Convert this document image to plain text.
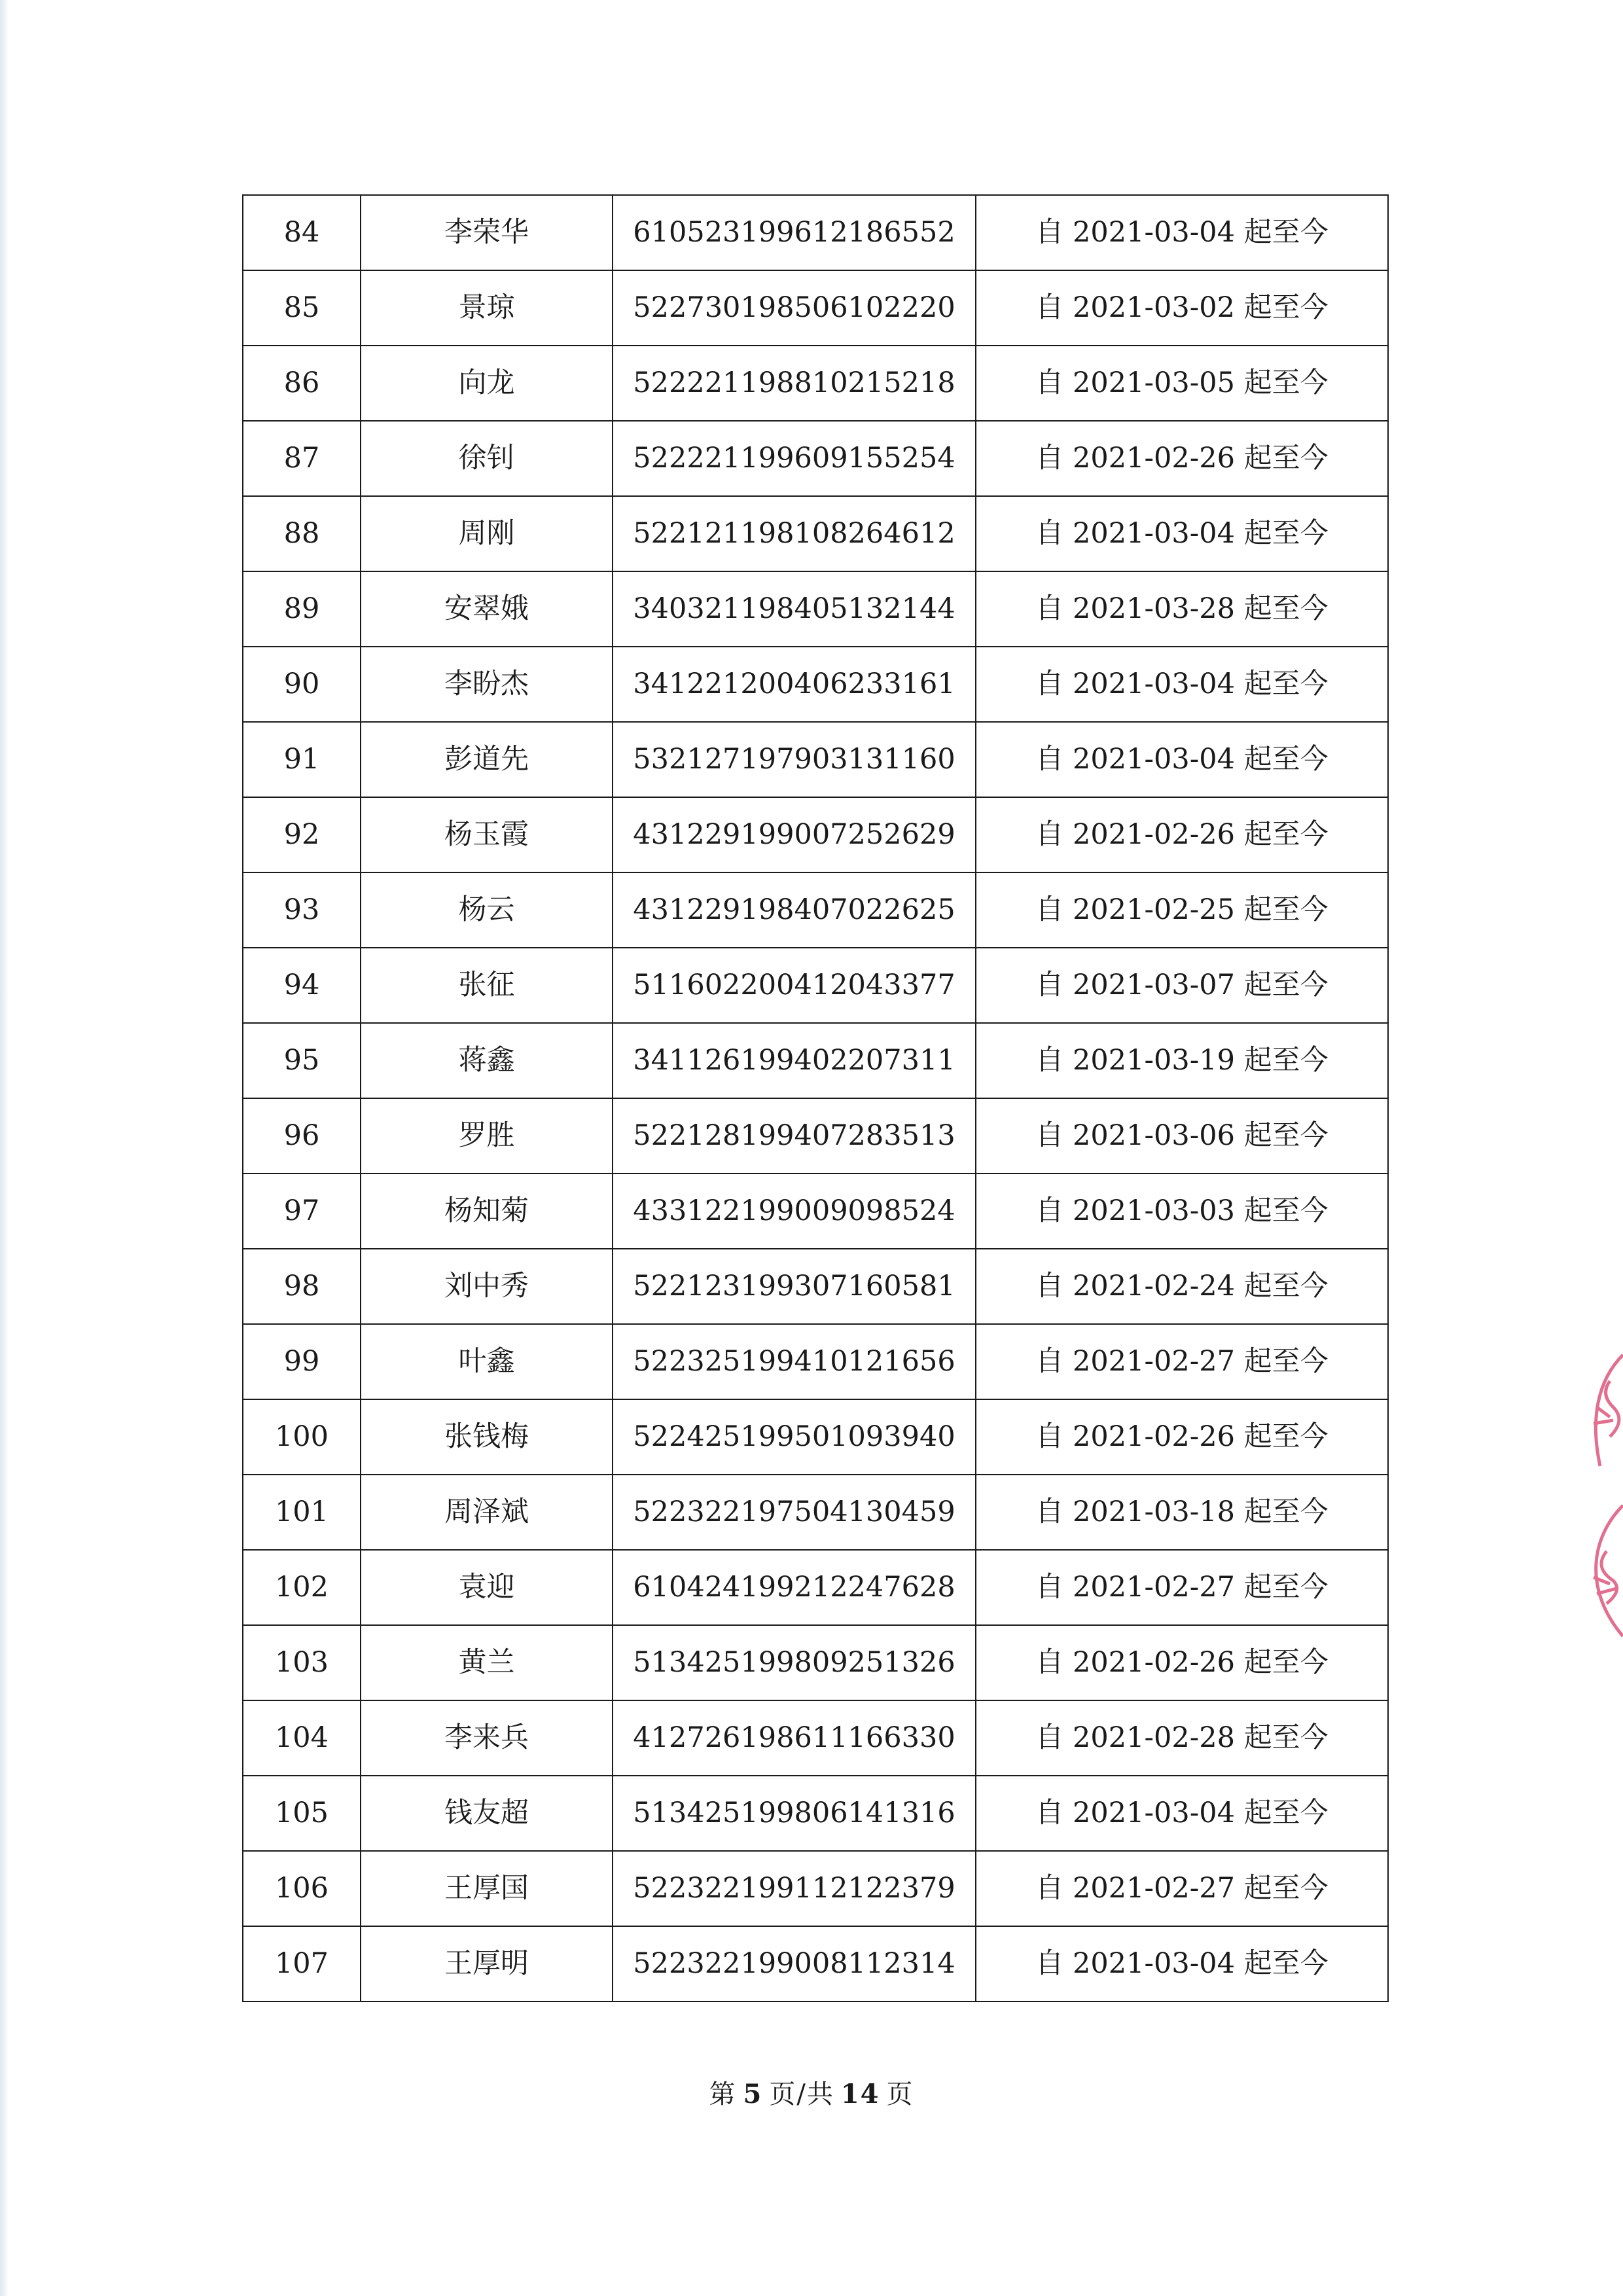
84	李荣华	610523199612186552	自 2021-03-04 起至今
85	景琼	522730198506102220	自 2021-03-02 起至今
86	向龙	522221198810215218	自 2021-03-05 起至今
87	徐钊	522221199609155254	自 2021-02-26 起至今
88	周刚	522121198108264612	自 2021-03-04 起至今
89	安翠娥	340321198405132144	自 2021-03-28 起至今
90	李盼杰	341221200406233161	自 2021-03-04 起至今
91	彭道先	532127197903131160	自 2021-03-04 起至今
92	杨玉霞	431229199007252629	自 2021-02-26 起至今
93	杨云	431229198407022625	自 2021-02-25 起至今
94	张征	511602200412043377	自 2021-03-07 起至今
95	蒋鑫	341126199402207311	自 2021-03-19 起至今
96	罗胜	522128199407283513	自 2021-03-06 起至今
97	杨知菊	433122199009098524	自 2021-03-03 起至今
98	刘中秀	522123199307160581	自 2021-02-24 起至今
99	叶鑫	522325199410121656	自 2021-02-27 起至今
100	张钱梅	522425199501093940	自 2021-02-26 起至今
101	周泽斌	522322197504130459	自 2021-03-18 起至今
102	袁迎	610424199212247628	自 2021-02-27 起至今
103	黄兰	513425199809251326	自 2021-02-26 起至今
104	李来兵	412726198611166330	自 2021-02-28 起至今
105	钱友超	513425199806141316	自 2021-03-04 起至今
106	王厚国	522322199112122379	自 2021-02-27 起至今
107	王厚明	522322199008112314	自 2021-03-04 起至今
第 5 页/共 14 页
